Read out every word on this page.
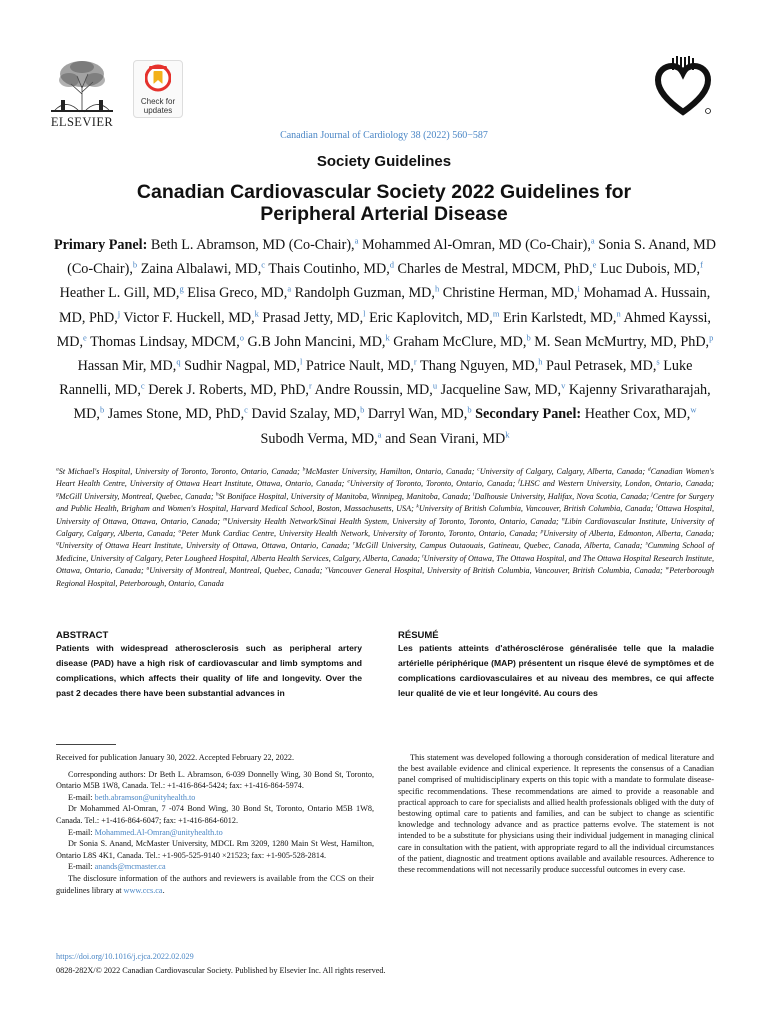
ELSEVIER
Check for updates
Canadian Journal of Cardiology 38 (2022) 560−587
Society Guidelines
Canadian Cardiovascular Society 2022 Guidelines for
Peripheral Arterial Disease
Primary Panel: Beth L. Abramson, MD (Co-Chair),$^a$ Mohammed Al-Omran, MD (Co-Chair),$^a$ Sonia S. Anand, MD (Co-Chair),$^b$ Zaina Albalawi, MD,$^c$ Thais Coutinho, MD,$^d$ Charles de Mestral, MDCM, PhD,$^e$ Luc Dubois, MD,$^f$ Heather L. Gill, MD,$^g$ Elisa Greco, MD,$^a$ Randolph Guzman, MD,$^h$ Christine Herman, MD,$^i$ Mohamad A. Hussain, MD, PhD,$^j$ Victor F. Huckell, MD,$^k$ Prasad Jetty, MD,$^l$ Eric Kaplovitch, MD,$^m$ Erin Karlstedt, MD,$^n$ Ahmed Kayssi, MD,$^e$ Thomas Lindsay, MDCM,$^o$ G.B John Mancini, MD,$^k$ Graham McClure, MD,$^b$ M. Sean McMurtry, MD, PhD,$^p$ Hassan Mir, MD,$^q$ Sudhir Nagpal, MD,$^l$ Patrice Nault, MD,$^r$ Thang Nguyen, MD,$^h$ Paul Petrasek, MD,$^s$ Luke Rannelli, MD,$^c$ Derek J. Roberts, MD, PhD,$^r$ Andre Roussin, MD,$^u$ Jacqueline Saw, MD,$^v$ Kajenny Srivaratharajah, MD,$^b$ James Stone, MD, PhD,$^c$ David Szalay, MD,$^b$ Darryl Wan, MD,$^b$ Secondary Panel: Heather Cox, MD,$^w$ Subodh Verma, MD,$^a$ and Sean Virani, $MD^k$
$^a$St Michael's Hospital, University of Toronto, Toronto, Ontario, Canada; $^b$McMaster University, Hamilton, Ontario, Canada; $^c$University of Calgary, Calgary, Alberta, Canada; $^d$Canadian Women's Heart Health Centre, University of Ottawa Heart Institute, Ottawa, Ontario, Canada; $^e$University of Toronto, Toronto, Ontario, Canada; $^f$LHSC and Western University, London, Ontario, Canada; $^g$McGill University, Montreal, Quebec, Canada; $^h$St Boniface Hospital, University of Manitoba, Winnipeg, Manitoba, Canada; $^i$Dalhousie University, Halifax, Nova Scotia, Canada; $^j$Centre for Surgery and Public Health, Brigham and Women's Hospital, Harvard Medical School, Boston, Massachusetts, USA; $^k$University of British Columbia, Vancouver, British Columbia, Canada; $^l$Ottawa Hospital, University of Ottawa, Ottawa, Ontario, Canada; $^m$University Health Network/Sinai Health System, University of Toronto, Toronto, Ontario, Canada; $^n$Libin Cardiovascular Institute, University of Calgary, Calgary, Alberta, Canada; $^o$Peter Munk Cardiac Centre, University Health Network, University of Toronto, Toronto, Ontario, Canada; $^p$University of Alberta, Edmonton, Alberta, Canada; $^q$University of Ottawa Heart Institute, University of Ottawa, Ottawa, Ontario, Canada; $^r$McGill University, Campus Outaouais, Gatineau, Quebec, Canada, Alberta, Canada; $^s$Cumming School of Medicine, University of Calgary, Peter Lougheed Hospital, Alberta Health Services, Calgary, Alberta, Canada; $^t$University of Ottawa, The Ottawa Hospital, and The Ottawa Hospital Research Institute, Ottawa, Ontario, Canada; $^u$University of Montreal, Montreal, Quebec, Canada; $^v$Vancouver General Hospital, University of British Columbia, Vancouver, British Columbia, Canada; $^w$Peterborough Regional Hospital, Peterborough, Ontario, Canada
ABSTRACT
Patients with widespread atherosclerosis such as peripheral artery disease (PAD) have a high risk of cardiovascular and limb symptoms and complications, which affects their quality of life and longevity. Over the past 2 decades there have been substantial advances in
RÉSUMÉ
Les patients atteints d'athérosclérose généralisée telle que la maladie artérielle périphérique (MAP) présentent un risque élevé de symptômes et de complications cardiovasculaires et au niveau des membres, ce qui affecte leur qualité de vie et leur longévité. Au cours des

Received for publication January 30, 2022. Accepted February 22, 2022.

Corresponding authors: Dr Beth L. Abramson, 6-039 Donnelly Wing, 30 Bond St, Toronto, Ontario M5B 1W8, Canada. Tel.: +1-416-864-5424; fax: +1-416-864-5974.

E-mail: beth.abramson@unityhealth.to

Dr Mohammed Al-Omran, 7 -074 Bond Wing, 30 Bond St, Toronto, Ontario M5B 1W8, Canada. Tel.: +1-416-864-6047; fax: +1-416-864-6012.

E-mail: Mohammed.Al-Omran@unityhealth.to

Dr Sonia S. Anand, McMaster University, MDCL Rm 3209, 1280 Main St West, Hamilton, Ontario L8S 4K1, Canada. Tel.: +1-905-525-9140 ×21523; fax: +1-905-528-2814.

E-mail: anands@mcmaster.ca

The disclosure information of the authors and reviewers is available from the CCS on their guidelines library at www.ccs.ca.

This statement was developed following a thorough consideration of medical literature and the best available evidence and clinical experience. It represents the consensus of a Canadian panel comprised of multidisciplinary experts on this topic with a mandate to formulate disease-specific recommendations. These recommendations are aimed to provide a reasonable and practical approach to care for specialists and allied health professionals obliged with the duty of bestowing optimal care to patients and families, and can be subject to change as scientific knowledge and technology advance and as practice patterns evolve. The statement is not intended to be a substitute for physicians using their individual judgement in managing clinical care in consultation with the patient, with appropriate regard to all the individual circumstances of the patient, diagnostic and treatment options available and available resources. Adherence to these recommendations will not necessarily produce successful outcomes in every case.
https://doi.org/10.1016/j.cjca.2022.02.029
0828-282X/© 2022 Canadian Cardiovascular Society. Published by Elsevier Inc. All rights reserved.
